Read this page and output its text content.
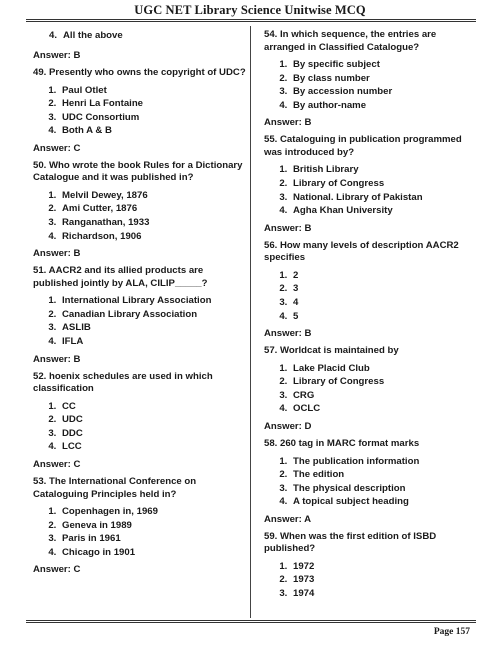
UGC NET Library Science Unitwise MCQ
4. All the above
Answer: B
49. Presently who owns the copyright of UDC?
1. Paul Otlet
2. Henri La Fontaine
3. UDC Consortium
4. Both A & B
Answer: C
50. Who wrote the book Rules for a Dictionary Catalogue and it was published in?
1. Melvil Dewey, 1876
2. Ami Cutter, 1876
3. Ranganathan, 1933
4. Richardson, 1906
Answer: B
51. AACR2 and its allied products are published jointly by ALA, CILIP_____?
1. International Library Association
2. Canadian Library Association
3. ASLIB
4. IFLA
Answer: B
52. hoenix schedules are used in which classification
1. CC
2. UDC
3. DDC
4. LCC
Answer: C
53. The International Conference on Cataloguing Principles held in?
1. Copenhagen in, 1969
2. Geneva in 1989
3. Paris in 1961
4. Chicago in 1901
Answer: C
54. In which sequence, the entries are arranged in Classified Catalogue?
1. By specific subject
2. By class number
3. By accession number
4. By author-name
Answer: B
55. Cataloguing in publication programmed was introduced by?
1. British Library
2. Library of Congress
3. National. Library of Pakistan
4. Agha Khan University
Answer: B
56. How many levels of description AACR2 specifies
1. 2
2. 3
3. 4
4. 5
Answer: B
57. Worldcat is maintained by
1. Lake Placid Club
2. Library of Congress
3. CRG
4. OCLC
Answer: D
58. 260 tag in MARC format marks
1. The publication information
2. The edition
3. The physical description
4. A topical subject heading
Answer: A
59. When was the first edition of ISBD published?
1. 1972
2. 1973
3. 1974
Page 157
